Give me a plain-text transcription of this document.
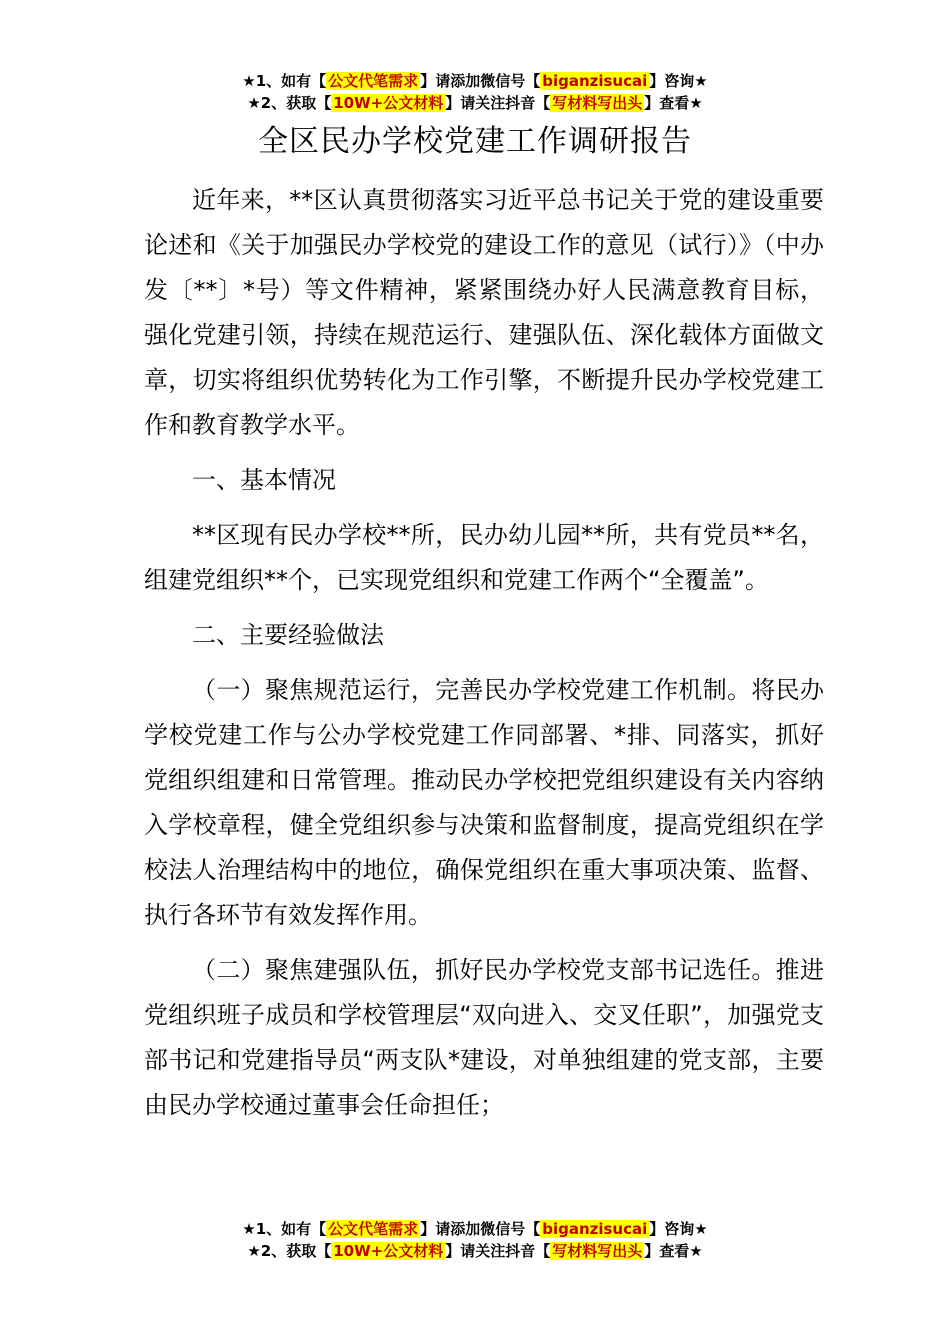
★1、如有【 公文代笔需求 】请添加微信号【 biganzisucai 】咨询★
★2、获取【 10W+公文材料 】请关注抖音【 写材料写出头 】查看★
全区民办学校党建工作调研报告

近年来，**区认真贯彻落实习近平总书记关于党的建设重要论述和《关于加强民办学校党的建设工作的意见（试行）》（中办发〔**〕*号）等文件精神，紧紧围绕办好人民满意教育目标，强化党建引领，持续在规范运行、建强队伍、深化载体方面做文章，切实将组织优势转化为工作引擎，不断提升民办学校党建工作和教育教学水平。

一、基本情况

**区现有民办学校**所，民办幼儿园**所，共有党员**名，组建党组织**个，已实现党组织和党建工作两个“全覆盖”。

二、主要经验做法

（一）聚焦规范运行，完善民办学校党建工作机制。将民办学校党建工作与公办学校党建工作同部署、*排、同落实，抓好党组织组建和日常管理。推动民办学校把党组织建设有关内容纳入学校章程，健全党组织参与决策和监督制度，提高党组织在学校法人治理结构中的地位，确保党组织在重大事项决策、监督、执行各环节有效发挥作用。

（二）聚焦建强队伍，抓好民办学校党支部书记选任。推进党组织班子成员和学校管理层“双向进入、交叉任职”，加强党支部书记和党建指导员“两支队*建设，对单独组建的党支部，主要由民办学校通过董事会任命担任；

★1、如有【 公文代笔需求 】请添加微信号【 biganzisucai 】咨询★
★2、获取【 10W+公文材料 】请关注抖音【 写材料写出头 】查看★
